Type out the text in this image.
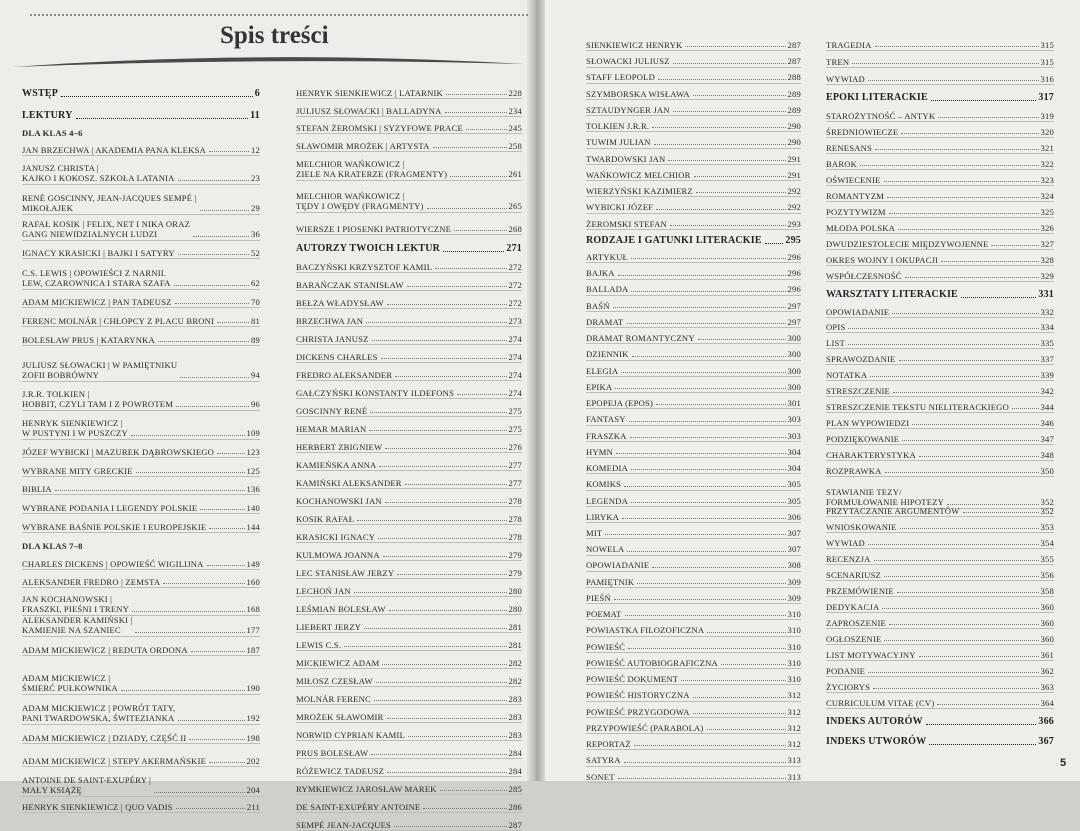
Spis treści
WSTĘP	6
LEKTURY	11
DLA KLAS 4–6
JAN BRZECHWA | AKADEMIA PANA KLEKSA	12
JANUSZ CHRISTA |
KAJKO I KOKOSZ. SZKOŁA LATANIA	23
RENÉ GOSCINNY, JEAN-JACQUES SEMPÉ |
MIKOŁAJEK	29
RAFAŁ KOSIK | FELIX, NET I NIKA ORAZ
GANG NIEWIDZIALNYCH LUDZI	36
IGNACY KRASICKI | BAJKI I SATYRY	52
C.S. LEWIS | OPOWIEŚCI Z NARNII.
LEW, CZAROWNICA I STARA SZAFA	62
ADAM MICKIEWICZ | PAN TADEUSZ	70
FERENC MOLNÁR | CHŁOPCY Z PLACU BRONI	81
BOLESŁAW PRUS | KATARYNKA	89
JULIUSZ SŁOWACKI | W PAMIĘTNIKU
ZOFII BOBRÓWNY	94
J.R.R. TOLKIEN |
HOBBIT, CZYLI TAM I Z POWROTEM	96
HENRYK SIENKIEWICZ |
W PUSTYNI I W PUSZCZY	109
JÓZEF WYBICKI | MAZUREK DĄBROWSKIEGO	123
WYBRANE MITY GRECKIE	125
BIBLIA	136
WYBRANE PODANIA I LEGENDY POLSKIE	140
WYBRANE BAŚNIE POLSKIE I EUROPEJSKIE	144
DLA KLAS 7–8
CHARLES DICKENS | OPOWIEŚĆ WIGILIJNA	149
ALEKSANDER FREDRO | ZEMSTA	160
JAN KOCHANOWSKI |
FRASZKI, PIEŚNI I TRENY	168
ALEKSANDER KAMIŃSKI |
KAMIENIE NA SZANIEC	177
ADAM MICKIEWICZ | REDUTA ORDONA	187
ADAM MICKIEWICZ |
ŚMIERĆ PUŁKOWNIKA	190
ADAM MICKIEWICZ | POWRÓT TATY,
PANI TWARDOWSKA, ŚWITEZIANKA	192
ADAM MICKIEWICZ | DZIADY, CZĘŚĆ II	198
ADAM MICKIEWICZ | STEPY AKERMAŃSKIE	202
ANTOINE DE SAINT-EXUPÉRY |
MAŁY KSIĄŻĘ	204
HENRYK SIENKIEWICZ | QUO VADIS	211
HENRYK SIENKIEWICZ | LATARNIK	228
JULIUSZ SŁOWACKI | BALLADYNA	234
STEFAN ŻEROMSKI | SYZYFOWE PRACE	245
SŁAWOMIR MROŻEK | ARTYSTA	258
MELCHIOR WAŃKOWICZ |
ZIELE NA KRATERZE (FRAGMENTY)	261
MELCHIOR WAŃKOWICZ |
TĘDY I OWĘDY (FRAGMENTY)	265
WIERSZE I PIOSENKI PATRIOTYCZNE	268
AUTORZY TWOICH LEKTUR	271
BACZYŃSKI KRZYSZTOF KAMIL	272
BARAŃCZAK STANISŁAW	272
BEŁZA WŁADYSŁAW	272
BRZECHWA JAN	273
CHRISTA JANUSZ	274
DICKENS CHARLES	274
FREDRO ALEKSANDER	274
GAŁCZYŃSKI KONSTANTY ILDEFONS	274
GOSCINNY RENÉ	275
HEMAR MARIAN	275
HERBERT ZBIGNIEW	276
KAMIEŃSKA ANNA	277
KAMIŃSKI ALEKSANDER	277
KOCHANOWSKI JAN	278
KOSIK RAFAŁ	278
KRASICKI IGNACY	278
KULMOWA JOANNA	279
LEC STANISŁAW JERZY	279
LECHOŃ JAN	280
LEŚMIAN BOLESŁAW	280
LIEBERT JERZY	281
LEWIS C.S.	281
MICKIEWICZ ADAM	282
MIŁOSZ CZESŁAW	282
MOLNÁR FERENC	283
MROŻEK SŁAWOMIR	283
NORWID CYPRIAN KAMIL	283
PRUS BOLESŁAW	284
RÓŻEWICZ TADEUSZ	284
RYMKIEWICZ JAROSŁAW MAREK	285
DE SAINT-EXUPÉRY ANTOINE	286
SEMPÉ JEAN-JACQUES	287
SIENKIEWICZ HENRYK	287
SŁOWACKI JULIUSZ	287
STAFF LEOPOLD	288
SZYMBORSKA WISŁAWA	289
SZTAUDYNGER JAN	289
TOLKIEN J.R.R.	290
TUWIM JULIAN	290
TWARDOWSKI JAN	291
WAŃKOWICZ MELCHIOR	291
WIERZYŃSKI KAZIMIERZ	292
WYBICKI JÓZEF	292
ŻEROMSKI STEFAN	293
RODZAJE I GATUNKI LITERACKIE 295
ARTYKUŁ	296
BAJKA	296
BALLADA	296
BAŚŃ	297
DRAMAT	297
DRAMAT ROMANTYCZNY	300
DZIENNIK	300
ELEGIA	300
EPIKA	300
EPOPEJA (EPOS)	301
FANTASY	303
FRASZKA	303
HYMN	304
KOMEDIA	304
KOMIKS	305
LEGENDA	305
LIRYKA	306
MIT	307
NOWELA	307
OPOWIADANIE	308
PAMIĘTNIK	309
PIEŚŃ	309
POEMAT	310
POWIASTKA FILOZOFICZNA	310
POWIEŚĆ	310
POWIEŚĆ AUTOBIOGRAFICZNA	310
POWIEŚĆ DOKUMENT	310
POWIEŚĆ HISTORYCZNA	312
POWIEŚĆ PRZYGODOWA	312
PRZYPOWIEŚĆ (PARABOLA)	312
REPORTAŻ	312
SATYRA	313
SONET	313
TRAGEDIA	315
TREN	315
WYWIAD	316
EPOKI LITERACKIE	317
STAROŻYTNOŚĆ – ANTYK	319
ŚREDNIOWIECZE	320
RENESANS	321
BAROK	322
OŚWIECENIE	323
ROMANTYZM	324
POZYTYWIZM	325
MŁODA POLSKA	326
DWUDZIESTOLECIE MIĘDZYWOJENNE	327
OKRES WOJNY I OKUPACJI	328
WSPÓŁCZESNOŚĆ	329
WARSZTATY LITERACKIE	331
OPOWIADANIE	332
OPIS	334
LIST	335
SPRAWOZDANIE	337
NOTATKA	339
STRESZCZENIE	342
STRESZCZENIE TEKSTU NIELITERACKIEGO	344
PLAN WYPOWIEDZI	346
PODZIĘKOWANIE	347
CHARAKTERYSTYKA	348
ROZPRAWKA	350
STAWIANIE TEZY/
FORMUŁOWANIE HIPOTEZY	352
PRZYTACZANIE ARGUMENTÓW	352
WNIOSKOWANIE	353
WYWIAD	354
RECENZJA	355
SCENARIUSZ	356
PRZEMÓWIENIE	358
DEDYKACJA	360
ZAPROSZENIE	360
OGŁOSZENIE	360
LIST MOTYWACYJNY	361
PODANIE	362
ŻYCIORYS	363
CURRICULUM VITAE (CV)	364
INDEKS AUTORÓW	366
INDEKS UTWORÓW	367
5
